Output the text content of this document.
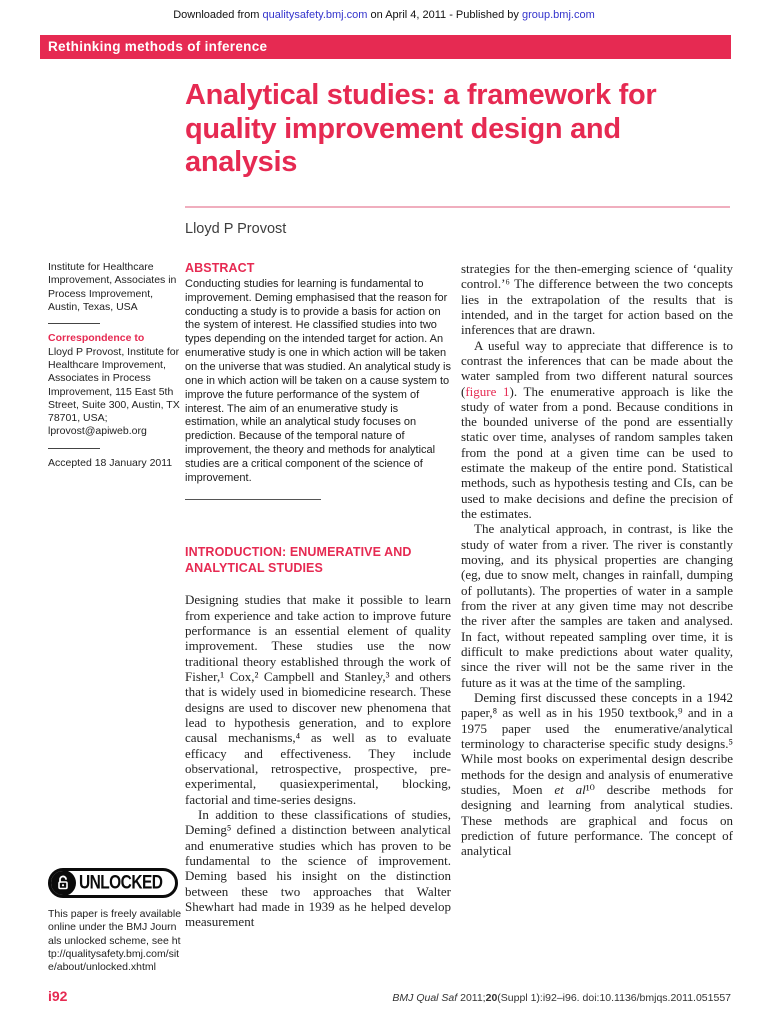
Downloaded from qualitysafety.bmj.com on April 4, 2011 - Published by group.bmj.com
Rethinking methods of inference
Analytical studies: a framework for quality improvement design and analysis
Lloyd P Provost
Institute for Healthcare Improvement, Associates in Process Improvement, Austin, Texas, USA
Correspondence to
Lloyd P Provost, Institute for Healthcare Improvement, Associates in Process Improvement, 115 East 5th Street, Suite 300, Austin, TX 78701, USA; lprovost@apiweb.org
Accepted 18 January 2011
UNLOCKED
This paper is freely available online under the BMJ Journals unlocked scheme, see http://qualitysafety.bmj.com/site/about/unlocked.xhtml
ABSTRACT
Conducting studies for learning is fundamental to improvement. Deming emphasised that the reason for conducting a study is to provide a basis for action on the system of interest. He classified studies into two types depending on the intended target for action. An enumerative study is one in which action will be taken on the universe that was studied. An analytical study is one in which action will be taken on a cause system to improve the future performance of the system of interest. The aim of an enumerative study is estimation, while an analytical study focuses on prediction. Because of the temporal nature of improvement, the theory and methods for analytical studies are a critical component of the science of improvement.
INTRODUCTION: ENUMERATIVE AND ANALYTICAL STUDIES

Designing studies that make it possible to learn from experience and take action to improve future performance is an essential element of quality improvement. These studies use the now traditional theory established through the work of Fisher,¹ Cox,² Campbell and Stanley,³ and others that is widely used in biomedicine research. These designs are used to discover new phenomena that lead to hypothesis generation, and to explore causal mechanisms,⁴ as well as to evaluate efficacy and effectiveness. They include observational, retrospective, prospective, pre-experimental, quasiexperimental, blocking, factorial and time-series designs.

In addition to these classifications of studies, Deming⁵ defined a distinction between analytical and enumerative studies which has proven to be fundamental to the science of improvement. Deming based his insight on the distinction between these two approaches that Walter Shewhart had made in 1939 as he helped develop measurement

strategies for the then-emerging science of ‘quality control.’⁶ The difference between the two concepts lies in the extrapolation of the results that is intended, and in the target for action based on the inferences that are drawn.

A useful way to appreciate that difference is to contrast the inferences that can be made about the water sampled from two different natural sources (figure 1). The enumerative approach is like the study of water from a pond. Because conditions in the bounded universe of the pond are essentially static over time, analyses of random samples taken from the pond at a given time can be used to estimate the makeup of the entire pond. Statistical methods, such as hypothesis testing and CIs, can be used to make decisions and define the precision of the estimates.

The analytical approach, in contrast, is like the study of water from a river. The river is constantly moving, and its physical properties are changing (eg, due to snow melt, changes in rainfall, dumping of pollutants). The properties of water in a sample from the river at any given time may not describe the river after the samples are taken and analysed. In fact, without repeated sampling over time, it is difficult to make predictions about water quality, since the river will not be the same river in the future as it was at the time of the sampling.

Deming first discussed these concepts in a 1942 paper,⁸ as well as in his 1950 textbook,⁹ and in a 1975 paper used the enumerative/analytical terminology to characterise specific study designs.⁵ While most books on experimental design describe methods for the design and analysis of enumerative studies, Moen et al¹⁰ describe methods for designing and learning from analytical studies. These methods are graphical and focus on prediction of future performance. The concept of analytical

i92	BMJ Qual Saf 2011;20(Suppl 1):i92–i96. doi:10.1136/bmjqs.2011.051557
